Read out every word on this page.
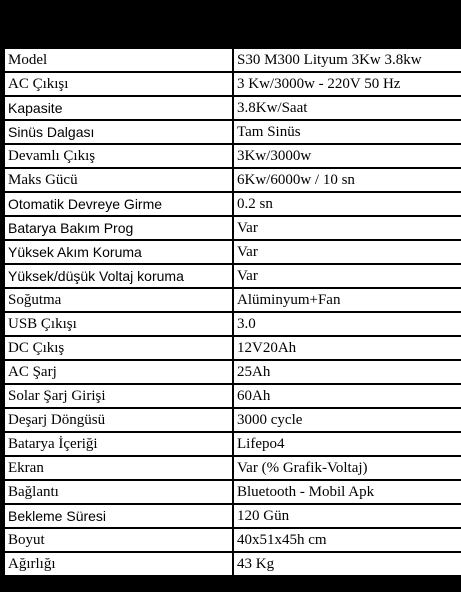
Model	S30 M300 Lityum 3Kw 3.8kw
AC Çıkışı	3 Kw/3000w - 220V 50 Hz
Kapasite	3.8Kw/Saat
Sinüs Dalgası	Tam Sinüs
Devamlı Çıkış	3Kw/3000w
Maks Gücü	6Kw/6000w / 10 sn
Otomatik Devreye Girme	0.2 sn
Batarya Bakım Prog	Var
Yüksek Akım Koruma	Var
Yüksek/düşük Voltaj koruma	Var
Soğutma	Alüminyum+Fan
USB Çıkışı	3.0
DC Çıkış	12V20Ah
AC Şarj	25Ah
Solar Şarj Girişi	60Ah
Deşarj Döngüsü	3000 cycle
Batarya İçeriği	Lifepo4
Ekran	Var (% Grafik-Voltaj)
Bağlantı	Bluetooth - Mobil Apk
Bekleme Süresi	120 Gün
Boyut	40x51x45h cm
Ağırlığı	43 Kg
